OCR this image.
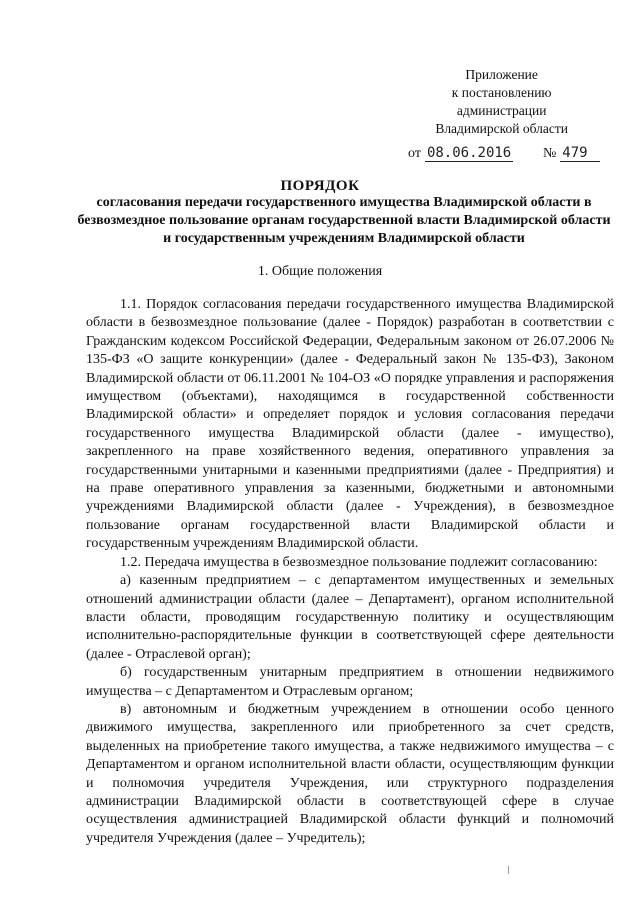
Приложение
к постановлению
администрации
Владимирской области
от 08.06.2016 № 479
ПОРЯДОК
согласования передачи государственного имущества Владимирской области в безвозмездное пользование органам государственной власти Владимирской области и государственным учреждениям Владимирской области
1. Общие положения

1.1. Порядок согласования передачи государственного имущества Владимирской области в безвозмездное пользование (далее - Порядок) разработан в соответствии с Гражданским кодексом Российской Федерации, Федеральным законом от 26.07.2006 № 135-ФЗ «О защите конкуренции» (далее - Федеральный закон № 135-ФЗ), Законом Владимирской области от 06.11.2001 № 104-ОЗ «О порядке управления и распоряжения имуществом (объектами), находящимся в государственной собственности Владимирской области» и определяет порядок и условия согласования передачи государственного имущества Владимирской области (далее - имущество), закрепленного на праве хозяйственного ведения, оперативного управления за государственными унитарными и казенными предприятиями (далее - Предприятия) и на праве оперативного управления за казенными, бюджетными и автономными учреждениями Владимирской области (далее - Учреждения), в безвозмездное пользование органам государственной власти Владимирской области и государственным учреждениям Владимирской области.

1.2. Передача имущества в безвозмездное пользование подлежит согласованию:

а) казенным предприятием – с департаментом имущественных и земельных отношений администрации области (далее – Департамент), органом исполнительной власти области, проводящим государственную политику и осуществляющим исполнительно-распорядительные функции в соответствующей сфере деятельности (далее - Отраслевой орган);

б) государственным унитарным предприятием в отношении недвижимого имущества – с Департаментом и Отраслевым органом;

в) автономным и бюджетным учреждением в отношении особо ценного движимого имущества, закрепленного или приобретенного за счет средств, выделенных на приобретение такого имущества, а также недвижимого имущества – с Департаментом и органом исполнительной власти области, осуществляющим функции и полномочия учредителя Учреждения, или структурного подразделения администрации Владимирской области в соответствующей сфере в случае осуществления администрацией Владимирской области функций и полномочий учредителя Учреждения (далее – Учредитель);
